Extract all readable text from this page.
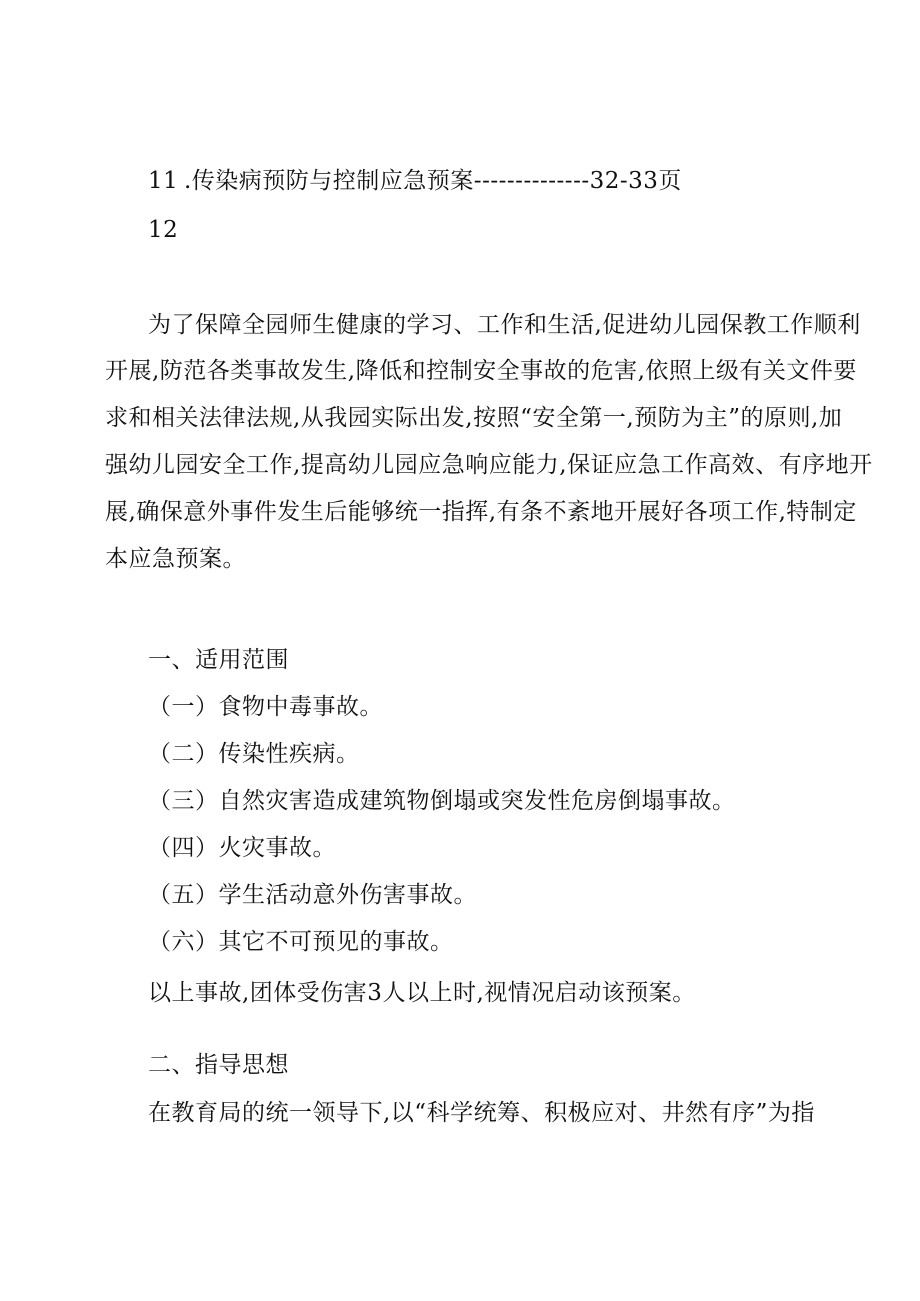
11 .传染病预防与控制应急预案--------------32-33页
12
为了保障全园师生健康的学习、工作和生活,促进幼儿园保教工作顺利
开展,防范各类事故发生,降低和控制安全事故的危害,依照上级有关文件要
求和相关法律法规,从我园实际出发,按照“安全第一,预防为主”的原则,加
强幼儿园安全工作,提高幼儿园应急响应能力,保证应急工作高效、有序地开
展,确保意外事件发生后能够统一指挥,有条不紊地开展好各项工作,特制定
本应急预案。
一、适用范围
（一）食物中毒事故。
（二）传染性疾病。
（三）自然灾害造成建筑物倒塌或突发性危房倒塌事故。
（四）火灾事故。
（五）学生活动意外伤害事故。
（六）其它不可预见的事故。
以上事故,团体受伤害3人以上时,视情况启动该预案。
二、指导思想
在教育局的统一领导下,以“科学统筹、积极应对、井然有序”为指
